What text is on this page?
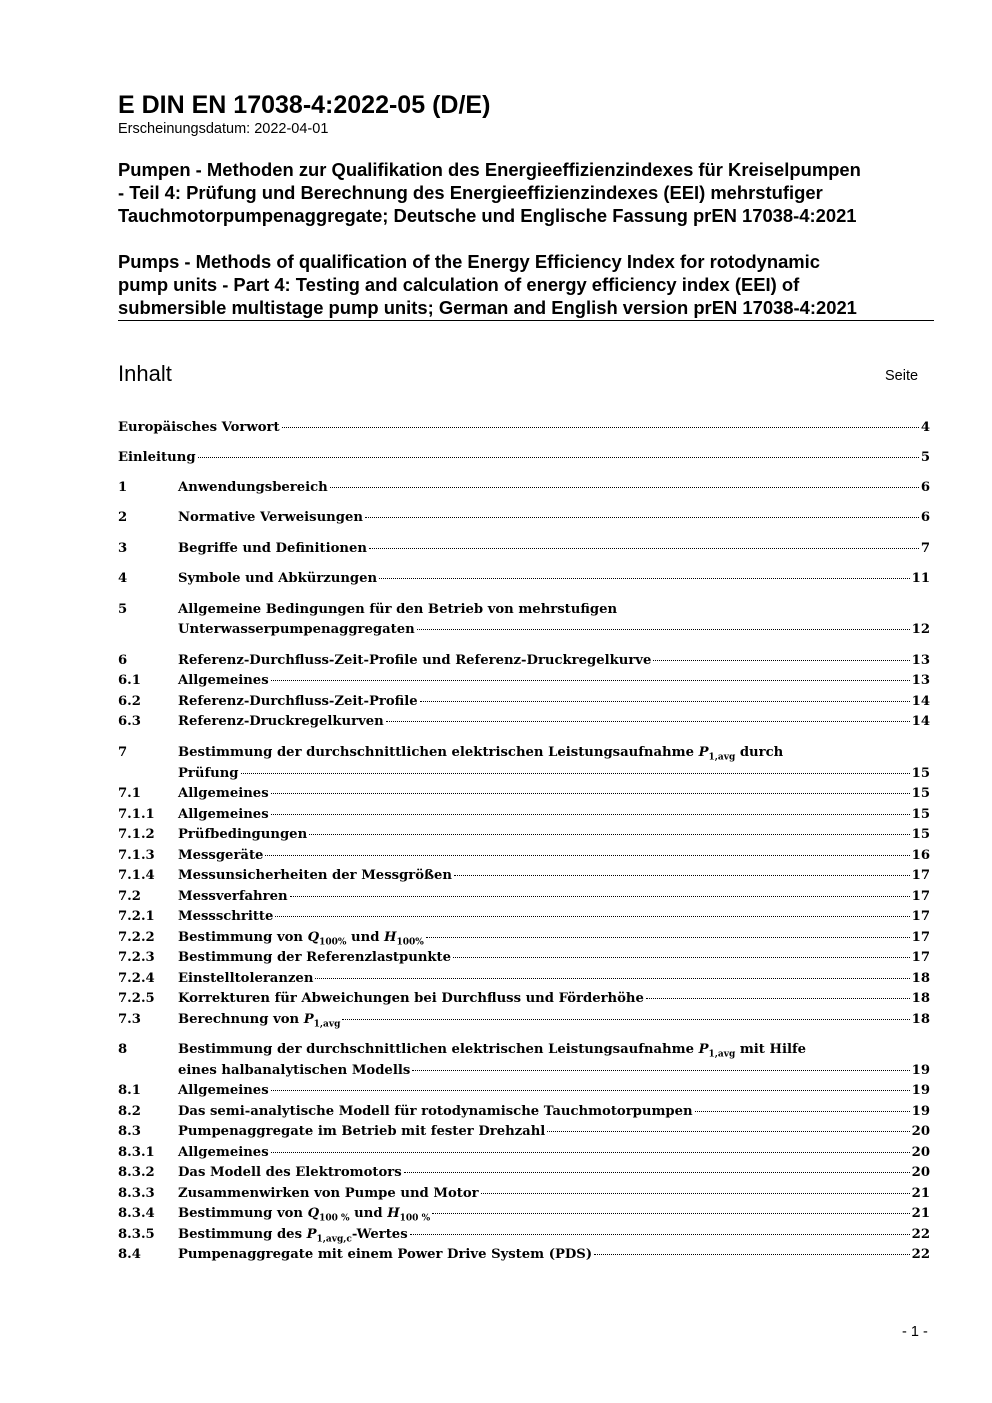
E DIN EN 17038-4:2022-05 (D/E)
Erscheinungsdatum: 2022-04-01
Pumpen - Methoden zur Qualifikation des Energieeffizienzindexes für Kreiselpumpen
- Teil 4: Prüfung und Berechnung des Energieeffizienzindexes (EEI) mehrstufiger
Tauchmotorpumpenaggregate; Deutsche und Englische Fassung prEN 17038-4:2021
Pumps - Methods of qualification of the Energy Efficiency Index for rotodynamic
pump units - Part 4: Testing and calculation of energy efficiency index (EEI) of
submersible multistage pump units; German and English version prEN 17038-4:2021
Inhalt	Seite
Europäisches Vorwort	4
Einleitung	5
1	Anwendungsbereich	6
2	Normative Verweisungen	6
3	Begriffe und Definitionen	7
4	Symbole und Abkürzungen	11
5	Allgemeine Bedingungen für den Betrieb von mehrstufigen
Unterwasserpumpenaggregaten	12
6	Referenz-Durchfluss-Zeit-Profile und Referenz-Druckregelkurve	13
6.1	Allgemeines	13
6.2	Referenz-Durchfluss-Zeit-Profile	14
6.3	Referenz-Druckregelkurven	14
7	Bestimmung der durchschnittlichen elektrischen Leistungsaufnahme $P_{1,avg}$ durch
Prüfung	15
7.1	Allgemeines	15
7.1.1	Allgemeines	15
7.1.2	Prüfbedingungen	15
7.1.3	Messgeräte	16
7.1.4	Messunsicherheiten der Messgrößen	17
7.2	Messverfahren	17
7.2.1	Messschritte	17
7.2.2	Bestimmung von $Q_{100\%}$ und $H_{100\%}$	17
7.2.3	Bestimmung der Referenzlastpunkte	17
7.2.4	Einstelltoleranzen	18
7.2.5	Korrekturen für Abweichungen bei Durchfluss und Förderhöhe	18
7.3	Berechnung von $P_{1,avg}$	18
8	Bestimmung der durchschnittlichen elektrischen Leistungsaufnahme $P_{1,avg}$ mit Hilfe
eines halbanalytischen Modells	19
8.1	Allgemeines	19
8.2	Das semi-analytische Modell für rotodynamische Tauchmotorpumpen	19
8.3	Pumpenaggregate im Betrieb mit fester Drehzahl	20
8.3.1	Allgemeines	20
8.3.2	Das Modell des Elektromotors	20
8.3.3	Zusammenwirken von Pumpe und Motor	21
8.3.4	Bestimmung von $Q_{100 \%}$ und $H_{100 \%}$	21
8.3.5	Bestimmung des $P_{1,avg,c}$-Wertes	22
8.4	Pumpenaggregate mit einem Power Drive System (PDS)	22
- 1 -
